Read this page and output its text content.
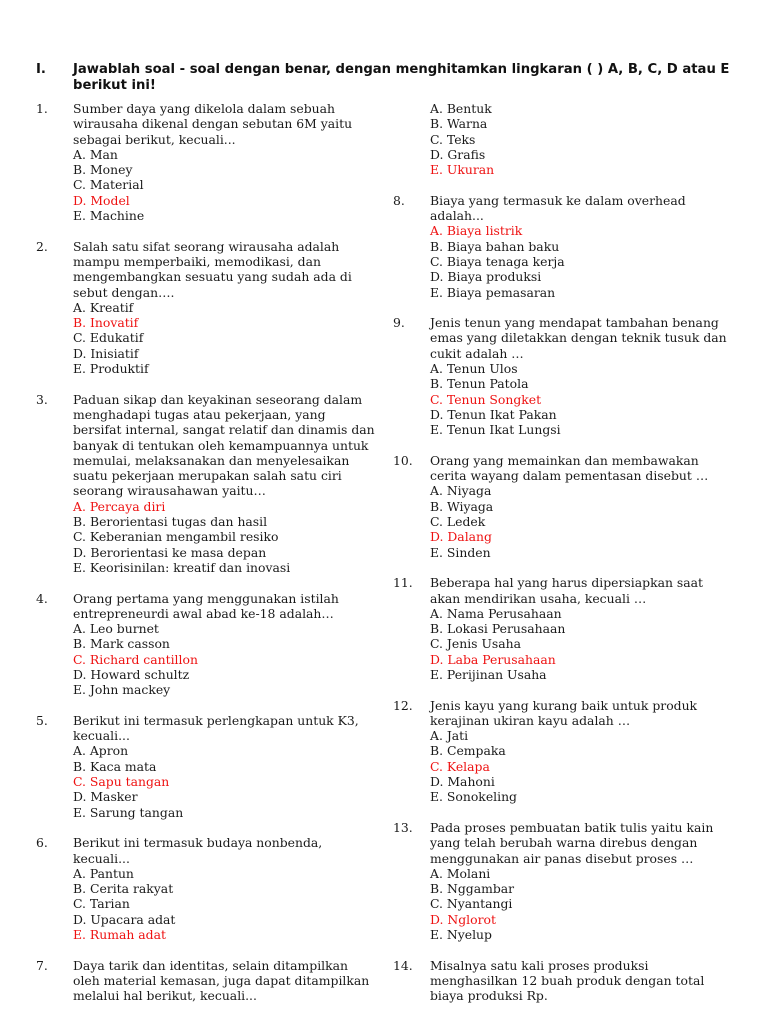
I. Jawablah soal - soal dengan benar, dengan menghitamkan lingkaran ( ) A, B, C, D atau E berikut ini!
1. Sumber daya yang dikelola dalam sebuah wirausaha dikenal dengan sebutan 6M yaitu sebagai berikut, kecuali...
A. Man
B. Money
C. Material
D. Model
E. Machine
2. Salah satu sifat seorang wirausaha adalah mampu memperbaiki, memodikasi, dan mengembangkan sesuatu yang sudah ada di sebut dengan….
A. Kreatif
B. Inovatif
C. Edukatif
D. Inisiatif
E. Produktif
3. Paduan sikap dan keyakinan seseorang dalam menghadapi tugas atau pekerjaan, yang bersifat internal, sangat relatif dan dinamis dan banyak di tentukan oleh kemampuannya untuk memulai, melaksanakan dan menyelesaikan suatu pekerjaan merupakan salah satu ciri seorang wirausahawan yaitu…
A. Percaya diri
B. Berorientasi tugas dan hasil
C. Keberanian mengambil resiko
D. Berorientasi ke masa depan
E. Keorisinilan: kreatif dan inovasi
4. Orang pertama yang menggunakan istilah entrepreneurdi awal abad ke-18 adalah…
A. Leo burnet
B. Mark casson
C. Richard cantillon
D. Howard schultz
E. John mackey
5. Berikut ini termasuk perlengkapan untuk K3, kecuali...
A. Apron
B. Kaca mata
C. Sapu tangan
D. Masker
E. Sarung tangan
6. Berikut ini termasuk budaya nonbenda, kecuali...
A. Pantun
B. Cerita rakyat
C. Tarian
D. Upacara adat
E. Rumah adat
7. Daya tarik dan identitas, selain ditampilkan oleh material kemasan, juga dapat ditampilkan melalui hal berikut, kecuali...
A. Bentuk
B. Warna
C. Teks
D. Grafis
E. Ukuran
8. Biaya yang termasuk ke dalam overhead adalah...
A. Biaya listrik
B. Biaya bahan baku
C. Biaya tenaga kerja
D. Biaya produksi
E. Biaya pemasaran
9. Jenis tenun yang mendapat tambahan benang emas yang diletakkan dengan teknik tusuk dan cukit adalah …
A. Tenun Ulos
B. Tenun Patola
C. Tenun Songket
D. Tenun Ikat Pakan
E. Tenun Ikat Lungsi
10. Orang yang memainkan dan membawakan cerita wayang dalam pementasan disebut …
A. Niyaga
B. Wiyaga
C. Ledek
D. Dalang
E. Sinden
11. Beberapa hal yang harus dipersiapkan saat akan mendirikan usaha, kecuali …
A. Nama Perusahaan
B. Lokasi Perusahaan
C. Jenis Usaha
D. Laba Perusahaan
E. Perijinan Usaha
12. Jenis kayu yang kurang baik untuk produk kerajinan ukiran kayu adalah …
A. Jati
B. Cempaka
C. Kelapa
D. Mahoni
E. Sonokeling
13. Pada proses pembuatan batik tulis yaitu kain yang telah berubah warna direbus dengan menggunakan air panas disebut proses …
A. Molani
B. Nggambar
C. Nyantangi
D. Nglorot
E. Nyelup
14. Misalnya satu kali proses produksi menghasilkan 12 buah produk dengan total biaya produksi Rp.
